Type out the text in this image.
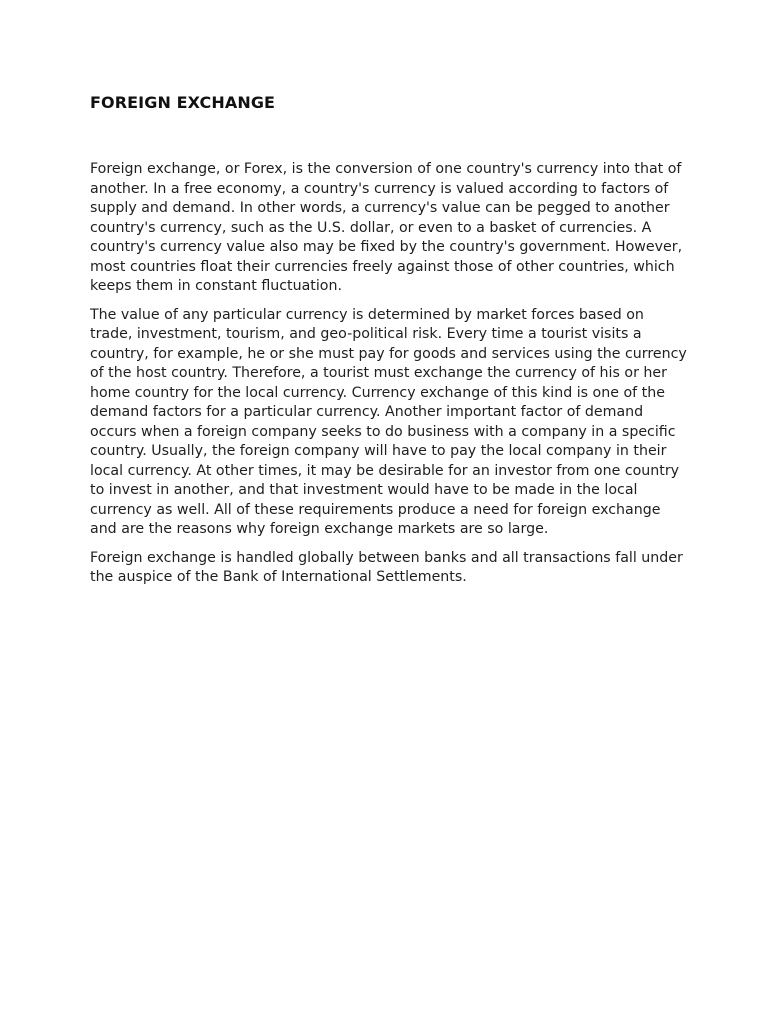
FOREIGN EXCHANGE

Foreign exchange, or Forex, is the conversion of one country's currency into that of another. In a free economy, a country's currency is valued according to factors of supply and demand. In other words, a currency's value can be pegged to another country's currency, such as the U.S. dollar, or even to a basket of currencies. A country's currency value also may be fixed by the country's government. However, most countries float their currencies freely against those of other countries, which keeps them in constant fluctuation.

The value of any particular currency is determined by market forces based on trade, investment, tourism, and geo-political risk. Every time a tourist visits a country, for example, he or she must pay for goods and services using the currency of the host country. Therefore, a tourist must exchange the currency of his or her home country for the local currency. Currency exchange of this kind is one of the demand factors for a particular currency. Another important factor of demand occurs when a foreign company seeks to do business with a company in a specific country. Usually, the foreign company will have to pay the local company in their local currency. At other times, it may be desirable for an investor from one country to invest in another, and that investment would have to be made in the local currency as well. All of these requirements produce a need for foreign exchange and are the reasons why foreign exchange markets are so large.

Foreign exchange is handled globally between banks and all transactions fall under the auspice of the Bank of International Settlements.
